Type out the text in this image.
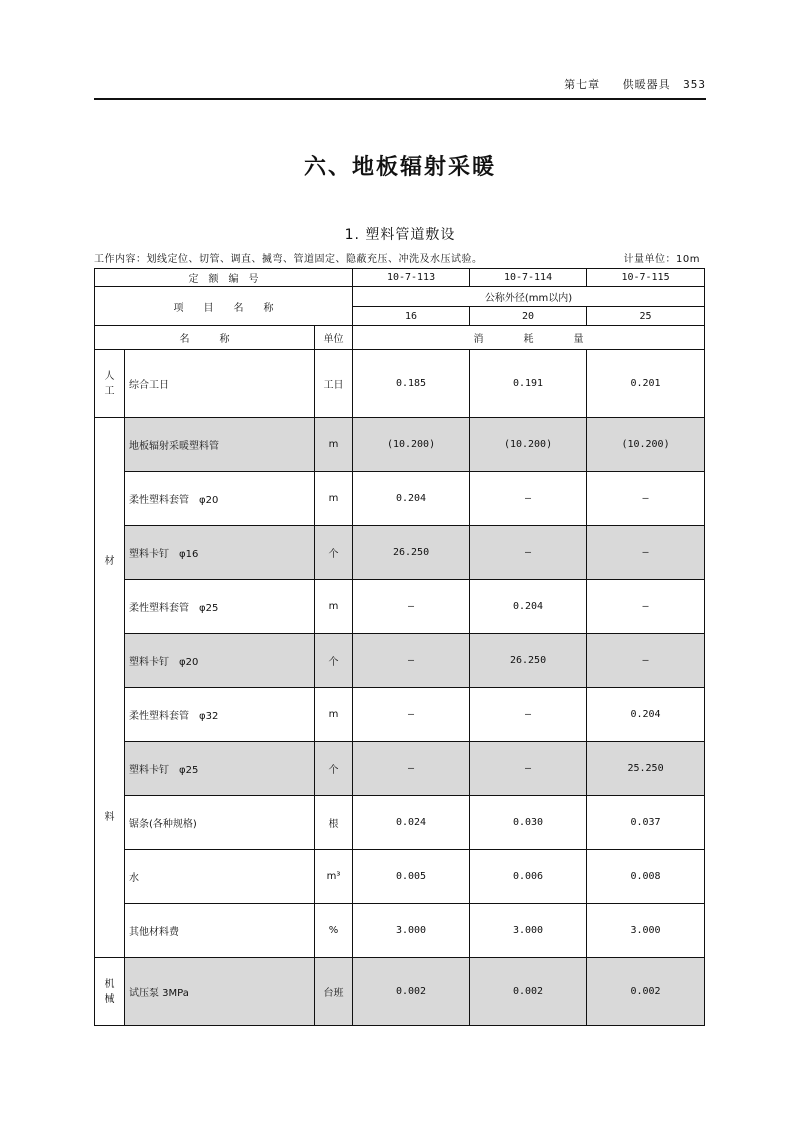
第七章 供暖器具 353
六、地板辐射采暖
1. 塑料管道敷设
工作内容：划线定位、切管、调直、揻弯、管道固定、隐蔽充压、冲洗及水压试验。	计量单位：10m
定　额　编　号			10-7-113	10-7-114	10-7-115
项　　目　　名　　称			公称外径(mm以内)		
			16	20	25
名　　　称		单位	消　　　　耗　　　　量		
人工	综合工日	工日	0.185	0.191	0.201

材
料	地板辐射采暖塑料管	m	(10.200)	(10.200)	(10.200)
	柔性塑料套管　φ20	m	0.204	—	—
	塑料卡钉　φ16	个	26.250	—	—
	柔性塑料套管　φ25	m	—	0.204	—
	塑料卡钉　φ20	个	—	26.250	—
	柔性塑料套管　φ32	m	—	—	0.204
	塑料卡钉　φ25	个	—	—	25.250
	锯条(各种规格)	根	0.024	0.030	0.037
	水	m³	0.005	0.006	0.008
	其他材料费	%	3.000	3.000	3.000
机械	试压泵 3MPa	台班	0.002	0.002	0.002
